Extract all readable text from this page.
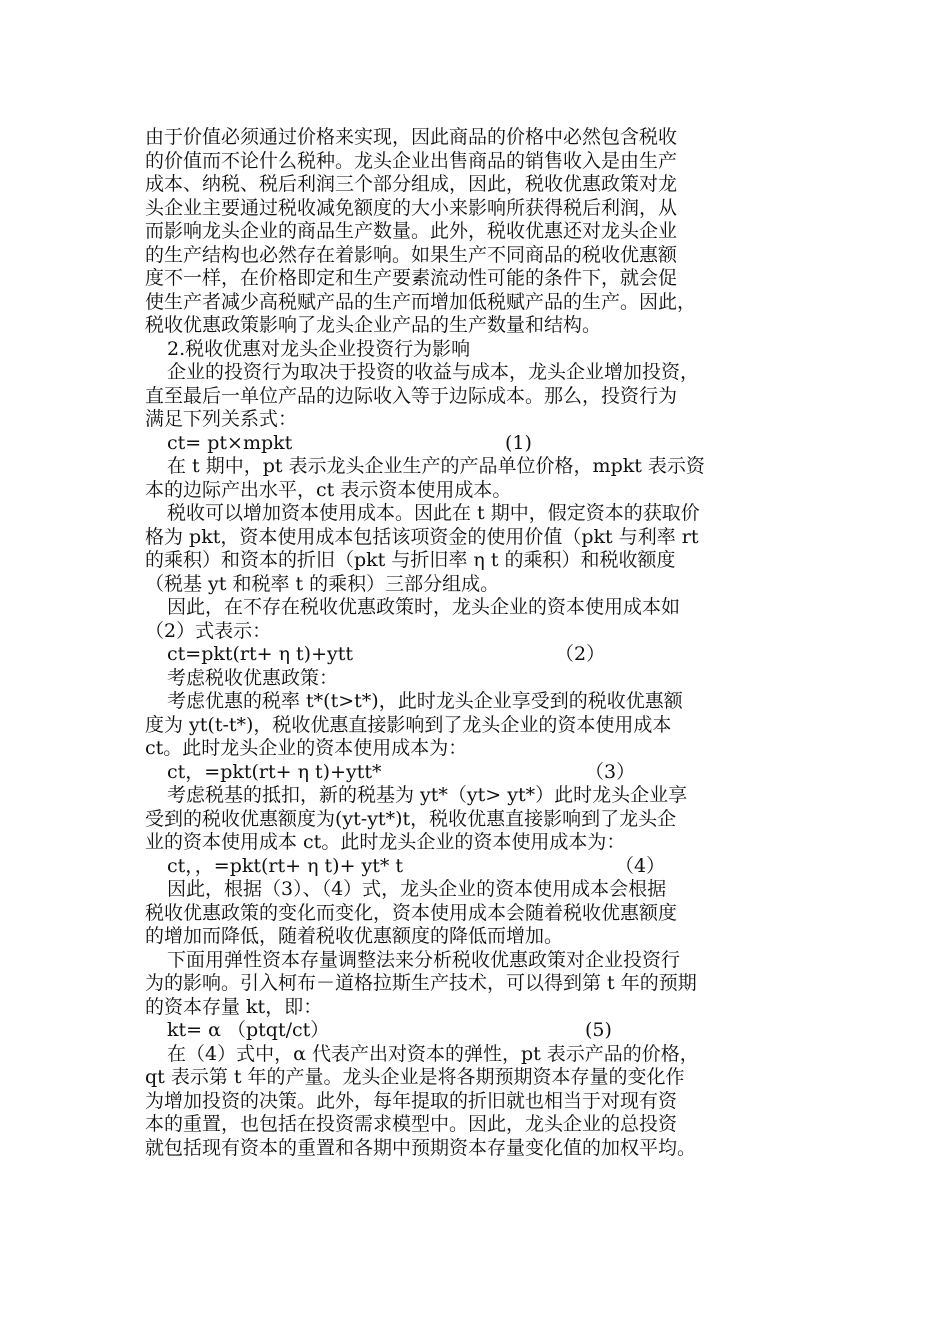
由于价值必须通过价格来实现，因此商品的价格中必然包含税收
的价值而不论什么税种。龙头企业出售商品的销售收入是由生产
成本、纳税、税后利润三个部分组成，因此，税收优惠政策对龙
头企业主要通过税收减免额度的大小来影响所获得税后利润，从
而影响龙头企业的商品生产数量。此外，税收优惠还对龙头企业
的生产结构也必然存在着影响。如果生产不同商品的税收优惠额
度不一样，在价格即定和生产要素流动性可能的条件下，就会促
使生产者减少高税赋产品的生产而增加低税赋产品的生产。因此，
税收优惠政策影响了龙头企业产品的生产数量和结构。
2.税收优惠对龙头企业投资行为影响
企业的投资行为取决于投资的收益与成本，龙头企业增加投资，
直至最后一单位产品的边际收入等于边际成本。那么，投资行为
满足下列关系式：
ct= pt×mpkt	(1)
在 t 期中，pt 表示龙头企业生产的产品单位价格，mpkt 表示资
本的边际产出水平，ct 表示资本使用成本。
税收可以增加资本使用成本。因此在 t 期中，假定资本的获取价
格为 pkt，资本使用成本包括该项资金的使用价值（pkt 与利率 rt
的乘积）和资本的折旧（pkt 与折旧率 η t 的乘积）和税收额度
（税基 yt 和税率 t 的乘积）三部分组成。
因此，在不存在税收优惠政策时，龙头企业的资本使用成本如
（2）式表示：
ct=pkt(rt+ η t)+ytt	（2）
考虑税收优惠政策：
考虑优惠的税率 t*(t>t*)，此时龙头企业享受到的税收优惠额
度为 yt(t-t*)，税收优惠直接影响到了龙头企业的资本使用成本
ct。此时龙头企业的资本使用成本为：
ct，=pkt(rt+ η t)+ytt*	（3）
考虑税基的抵扣，新的税基为 yt*（yt> yt*）此时龙头企业享
受到的税收优惠额度为(yt-yt*)t，税收优惠直接影响到了龙头企
业的资本使用成本 ct。此时龙头企业的资本使用成本为：
ct，，=pkt(rt+ η t)+ yt* t	（4）
因此，根据（3）、（4）式，龙头企业的资本使用成本会根据
税收优惠政策的变化而变化，资本使用成本会随着税收优惠额度
的增加而降低，随着税收优惠额度的降低而增加。
下面用弹性资本存量调整法来分析税收优惠政策对企业投资行
为的影响。引入柯布－道格拉斯生产技术，可以得到第 t 年的预期
的资本存量 kt，即：
kt= α （ptqt/ct）	(5)
在（4）式中，α 代表产出对资本的弹性，pt 表示产品的价格，
qt 表示第 t 年的产量。龙头企业是将各期预期资本存量的变化作
为增加投资的决策。此外，每年提取的折旧就也相当于对现有资
本的重置，也包括在投资需求模型中。因此，龙头企业的总投资
就包括现有资本的重置和各期中预期资本存量变化值的加权平均。
